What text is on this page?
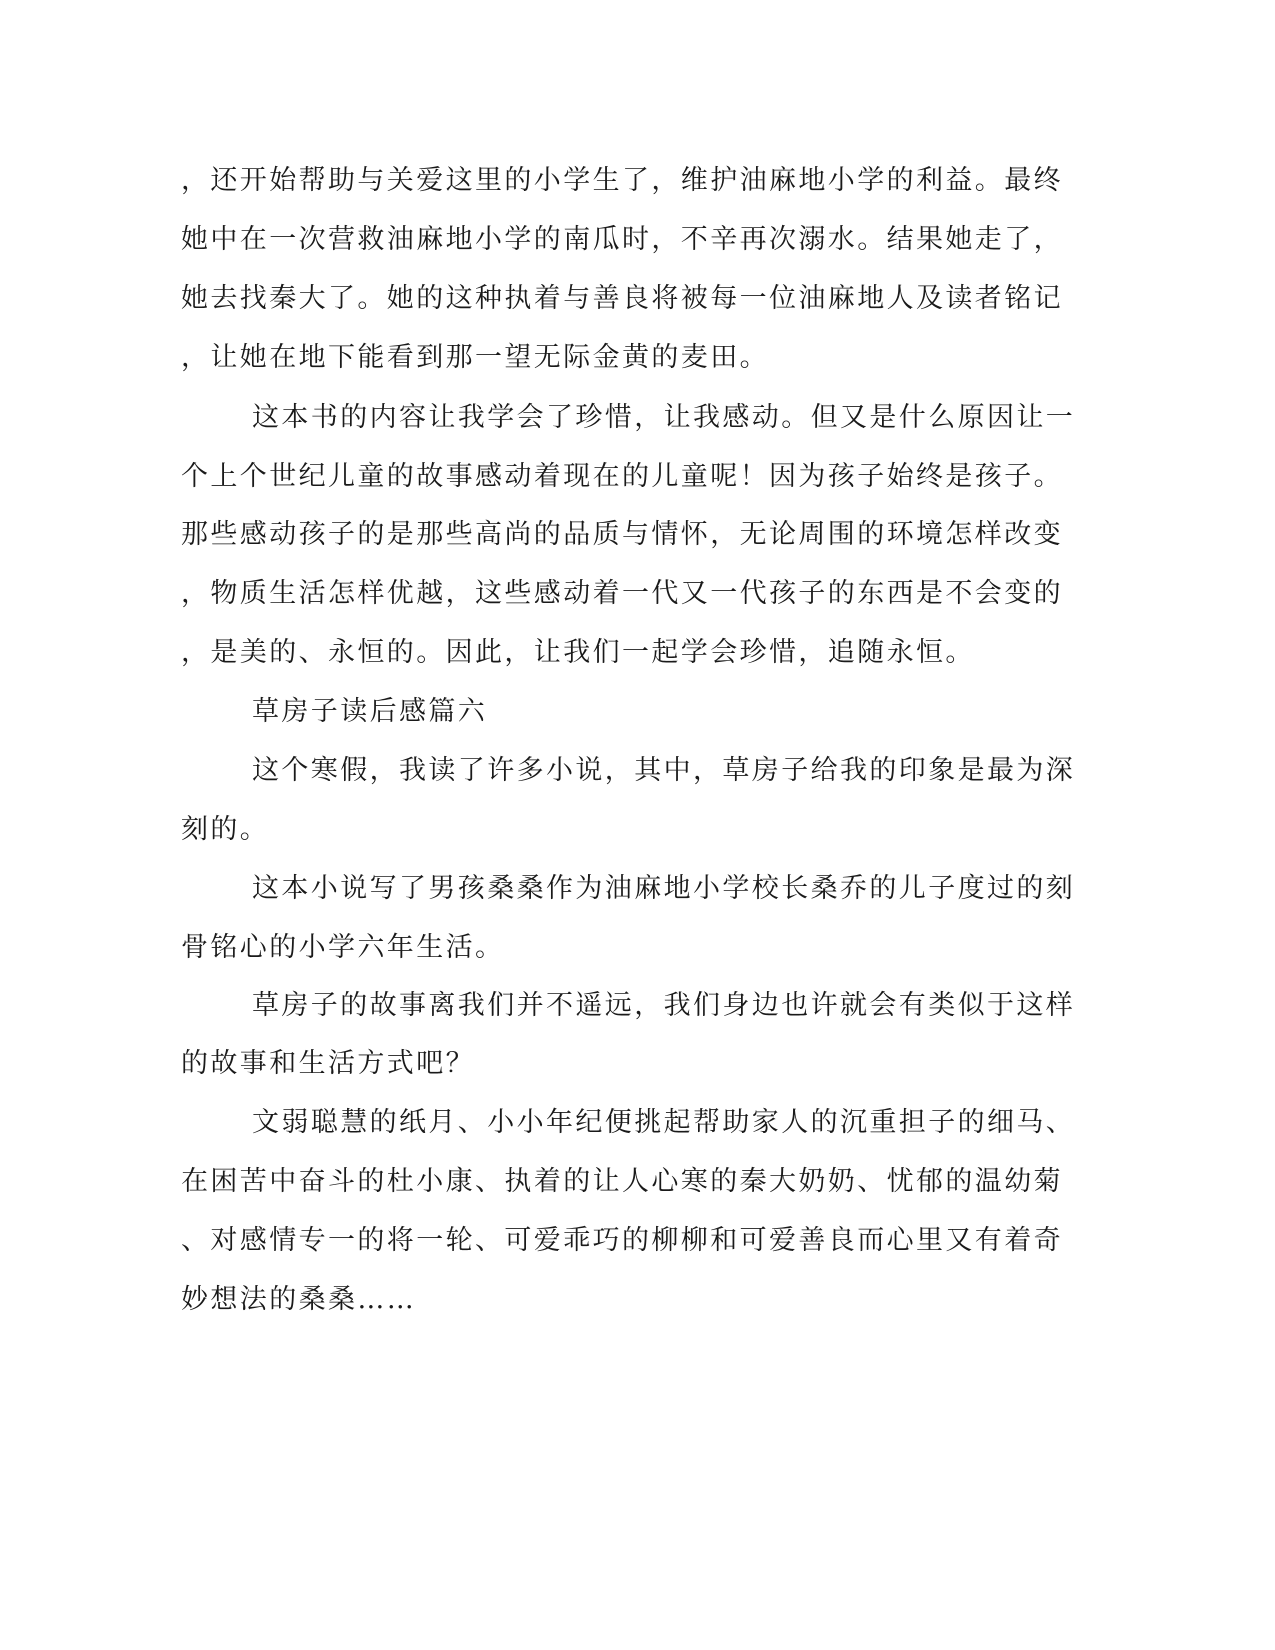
，还开始帮助与关爱这里的小学生了，维护油麻地小学的利益。最终
她中在一次营救油麻地小学的南瓜时，不辛再次溺水。结果她走了，
她去找秦大了。她的这种执着与善良将被每一位油麻地人及读者铭记
，让她在地下能看到那一望无际金黄的麦田。
这本书的内容让我学会了珍惜，让我感动。但又是什么原因让一
个上个世纪儿童的故事感动着现在的儿童呢！因为孩子始终是孩子。
那些感动孩子的是那些高尚的品质与情怀，无论周围的环境怎样改变
，物质生活怎样优越，这些感动着一代又一代孩子的东西是不会变的
，是美的、永恒的。因此，让我们一起学会珍惜，追随永恒。
草房子读后感篇六
这个寒假，我读了许多小说，其中，草房子给我的印象是最为深
刻的。
这本小说写了男孩桑桑作为油麻地小学校长桑乔的儿子度过的刻
骨铭心的小学六年生活。
草房子的故事离我们并不遥远，我们身边也许就会有类似于这样
的故事和生活方式吧？
文弱聪慧的纸月、小小年纪便挑起帮助家人的沉重担子的细马、
在困苦中奋斗的杜小康、执着的让人心寒的秦大奶奶、忧郁的温幼菊
、对感情专一的将一轮、可爱乖巧的柳柳和可爱善良而心里又有着奇
妙想法的桑桑……
